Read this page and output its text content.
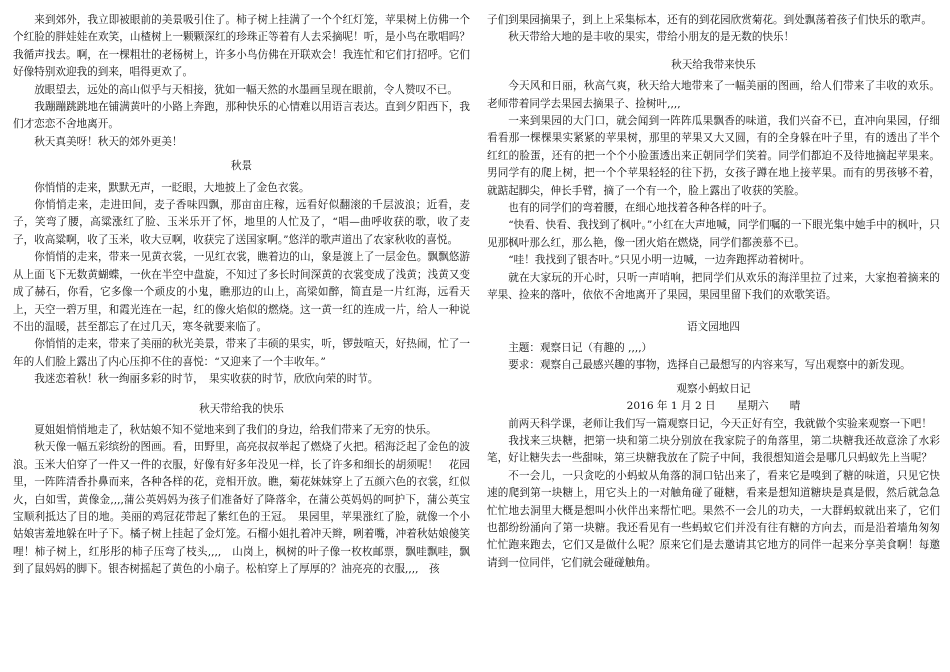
来到郊外，我立即被眼前的美景吸引住了。柿子树上挂满了一个个红灯笼，苹果树上仿佛一个个红脸的胖娃娃在欢笑，山楂树上一颗颗深红的珍珠正等着有人去采摘呢！听，是小鸟在歌唱吗？我循声找去。啊，在一棵粗壮的老杨树上，许多小鸟仿佛在开联欢会！我连忙和它们打招呼。它们好像特别欢迎我的到来，唱得更欢了。

放眼望去，远处的高山似乎与天相接，犹如一幅天然的水墨画呈现在眼前，令人赞叹不已。

我蹦蹦跳跳地在铺满黄叶的小路上奔跑，那种快乐的心情难以用语言表达。直到夕阳西下，我们才恋恋不舍地离开。

秋天真美呀！秋天的郊外更美！

秋景

你悄悄的走来，默默无声，一眨眼，大地披上了金色衣裳。

你悄悄走来，走进田间，麦子香味四飘，那亩亩庄稼，远看好似翻滚的千层波浪；近看，麦子，笑弯了腰，高粱涨红了脸、玉米乐开了怀，地里的人忙及了，“唱—曲呼收获的歌，收了麦子，收高粱啊，收了玉米，收大豆啊，收获完了送国家啊。”悠洋的歌声道出了农家秋收的喜悦。

你悄悄的走来，带来一见黄衣裳，一见红衣裳，瞧着边的山，象是渡上了一层金色。飘飘悠游从上面飞下无数黄蝴蝶，一伙在半空中盘旋，不知过了多长时间深黄的衣裳变成了浅黄；浅黄又变成了赫石，你看，它多像一个顽皮的小鬼，瞧那边的山上，高梁如醉，简直是一片红海，远看天上，天空一碧万里，和霞光连在一起，红的像火焰似的燃烧。这一黄一红的连成一片，给人一种说不出的温暖，甚至都忘了在过几天，寒冬就要来临了。

你悄悄的走来，带来了美丽的秋光美景，带来了丰硕的果实，听，锣鼓喧天，好热闹，忙了一年的人们脸上露出了内心压抑不住的喜悦：“又迎来了一个丰收年。”

我迷恋着秋！秋一绚丽多彩的时节，　果实收获的时节，欣欣向荣的时节。

秋天带给我的快乐

夏姐姐悄悄地走了，秋姑娘不知不觉地来到了我们的身边，给我们带来了无穷的快乐。

秋天像一幅五彩缤纷的图画。看，田野里，高亮叔叔举起了燃烧了火把。稻海泛起了金色的波浪。玉米大伯穿了一件又一件的衣服，好像有好多年没见一样，长了许多和细长的胡须呢！　花园里，一阵阵清香扑鼻而来，各种各样的花，竞相开放。瞧，菊花妹妹穿上了五颜六色的衣裳，红似火，白如雪，黄像金,,,,蒲公英妈妈为孩子们准备好了降落伞，在蒲公英妈妈的呵护下，蒲公英宝宝顺利抵达了目的地。美丽的鸡冠花带起了紫红色的王冠。　果园里，苹果涨红了脸，就像一个小姑娘害羞地躲在叶子下。橘子树上挂起了金灯笼。石榴小姐扎着冲天辫，咧着嘴，冲着秋姑娘傻笑哩！柿子树上，红彤彤的柿子压弯了枝头,,,,　山岗上，枫树的叶子像一枚枚邮票，飘哇飘哇，飘到了鼠妈妈的脚下。银杏树摇起了黄色的小扇子。松柏穿上了厚厚的？油亮亮的衣服,,,,　孩

子们到果园摘果子，到上上采集标本，还有的到花园欣赏菊花。到处飘荡着孩子们快乐的歌声。

秋天带给大地的是丰收的果实，带给小朋友的是无数的快乐！

秋天给我带来快乐

今天风和日丽，秋高气爽，秋天给大地带来了一幅美丽的图画，给人们带来了丰收的欢乐。老师带着同学去果园去摘果子、捡树叶,,,,

一来到果园的大门口，就会闻到一阵阵瓜果飘香的味道，我们兴奋不已，直冲向果园，仔细看看那一棵棵果实紧紧的苹果树，那里的苹果又大又圆，有的全身躲在叶子里，有的透出了半个红红的脸蛋，还有的把一个个小脸蛋透出来正朝同学们笑着。同学们都迫不及待地摘起苹果来。男同学有的爬上树，把一个个苹果轻轻的往下扔，女孩子蹲在地上接苹果。而有的男孩够不着，就踮起脚尖，伸长手臂，摘了一个有一个，脸上露出了收获的笑脸。

也有的同学们的弯着腰，在细心地找着各种各样的叶子。

“快看、快看、我找到了枫叶。”小红在大声地喊，同学们嘱的一下眼光集中她手中的枫叶，只见那枫叶那么红，那么艳，像一团火焰在燃烧，同学们都羡慕不已。

“哇！我找到了银杏叶。”只见小明一边喊，一边奔跑挥动着树叶。

就在大家玩的开心时，只听一声哨响，把同学们从欢乐的海洋里拉了过来，大家抱着摘来的苹果、捡来的落叶，依依不舍地离开了果园，果园里留下我们的欢歌笑语。

语文园地四

主题：观察日记（有趣的 ,,,,）

要求：观察自己最感兴趣的事物，选择自己最想写的内容来写，写出观察中的新发现。

观察小蚂蚁日记
2016 年 1 月 2 日　　星期六　　晴

前两天科学课，老师让我们写一篇观察日记，今天正好有空，我就做个实验来观察一下吧！

我找来三块糖，把第一块和第二块分别放在我家院子的角落里，第二块糖我还故意涂了水彩笔，好让糖失去一些甜味，第三块糖我放在了院子中间，我很想知道会是哪几只蚂蚁先上当呢？

不一会儿，一只贪吃的小蚂蚁从角落的洞口钻出来了，看来它是嗅到了糖的味道，只见它快速的爬到第一块糖上，用它头上的一对触角碰了碰糖，看来是想知道糖块是真是假，然后就急急忙忙地去洞里大概是想叫小伙伴出来帮忙吧。果然不一会儿的功夫，一大群蚂蚁就出来了，它们也都纷纷涌向了第一块糖。我还看见有一些蚂蚁它们并没有往有糖的方向去，而是沿着墙角匆匆忙忙跑来跑去，它们又是做什么呢？原来它们是去邀请其它地方的同伴一起来分享美食啊！每邀请到一位同伴，它们就会碰碰触角。
